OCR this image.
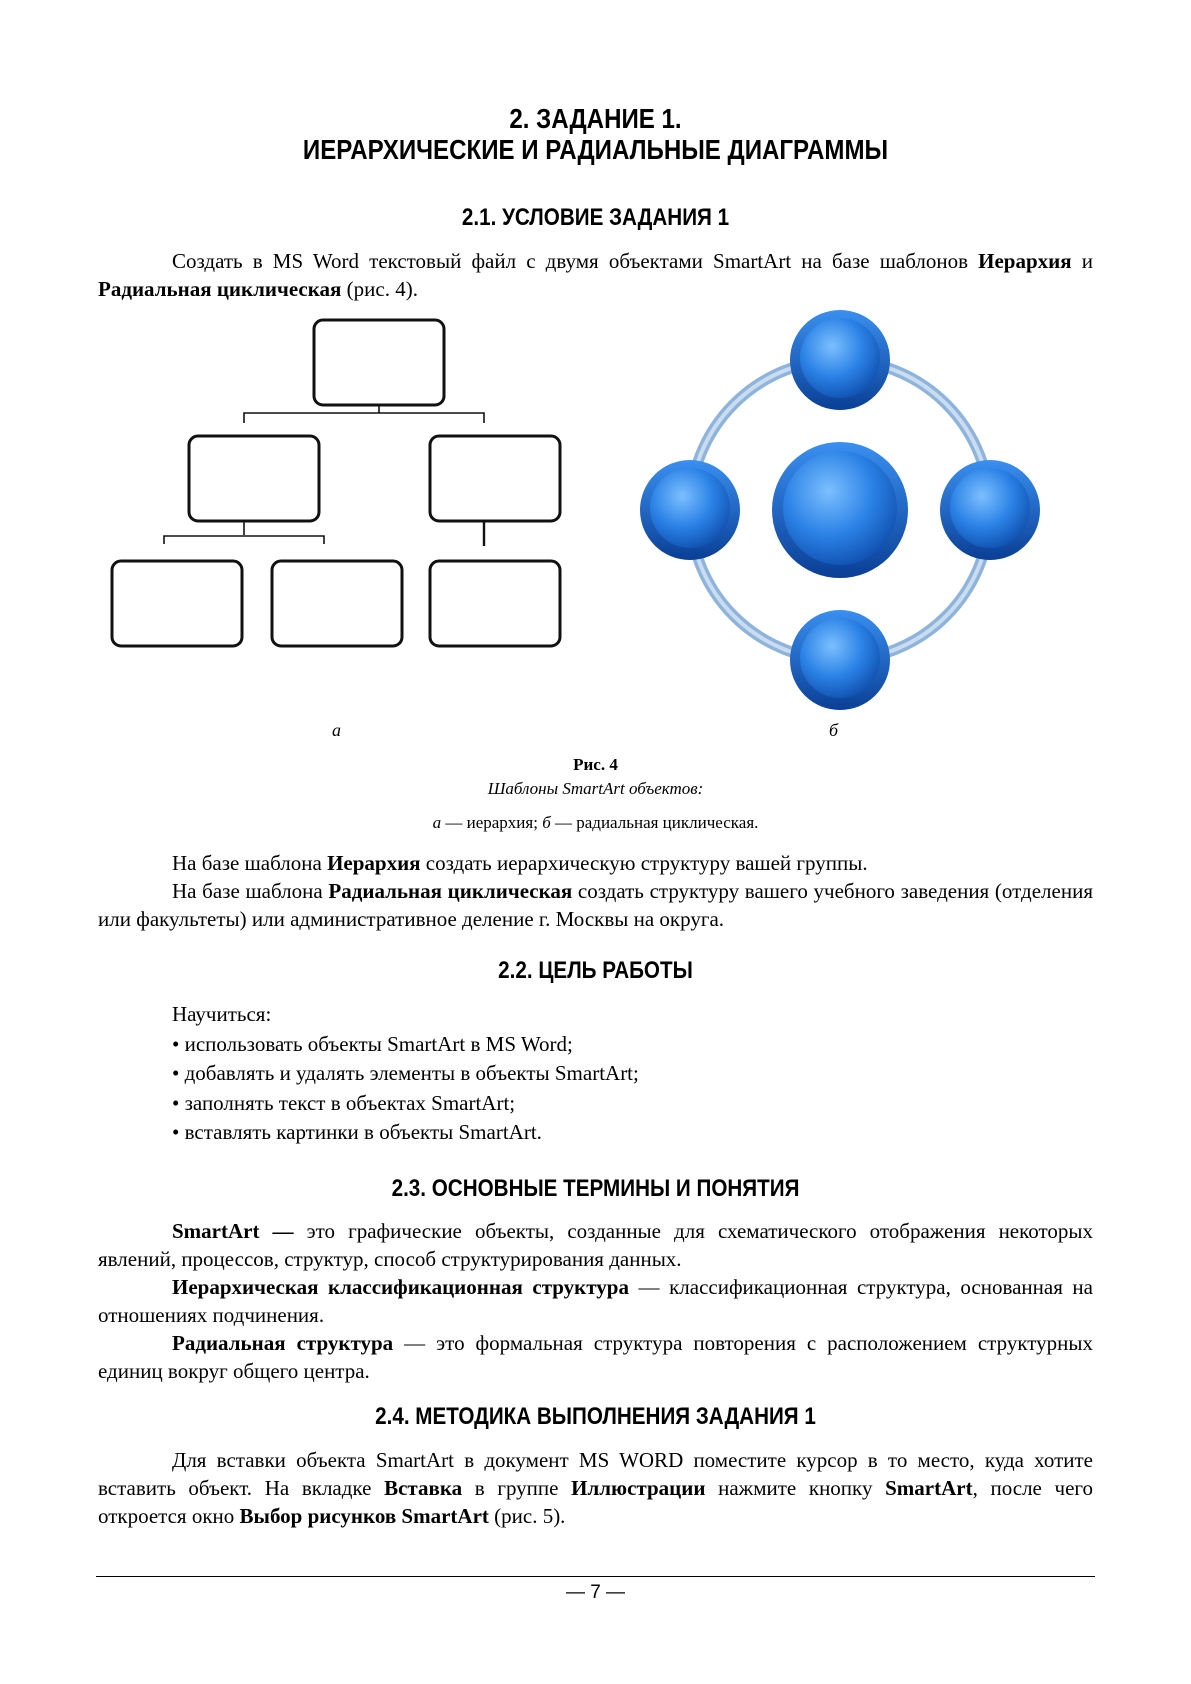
2. ЗАДАНИЕ 1.
ИЕРАРХИЧЕСКИЕ И РАДИАЛЬНЫЕ ДИАГРАММЫ
2.1. УСЛОВИЕ ЗАДАНИЯ 1

Создать в MS Word текстовый файл с двумя объектами SmartArt на базе шаблонов Иерархия и Радиальная циклическая (рис. 4).

а	б
Рис. 4
Шаблоны SmartArt объектов:
а — иерархия; б — радиальная циклическая.

На базе шаблона Иерархия создать иерархическую структуру вашей группы.

На базе шаблона Радиальная циклическая создать структуру вашего учебного заведения (отделения или факультеты) или административное деление г. Москвы на округа.

2.2. ЦЕЛЬ РАБОТЫ
Научиться:
• использовать объекты SmartArt в MS Word;
• добавлять и удалять элементы в объекты SmartArt;
• заполнять текст в объектах SmartArt;
• вставлять картинки в объекты SmartArt.
2.3. ОСНОВНЫЕ ТЕРМИНЫ И ПОНЯТИЯ

SmartArt — это графические объекты, созданные для схематического отображения некоторых явлений, процессов, структур, способ структурирования данных.

Иерархическая классификационная структура — классификационная структура, основанная на отношениях подчинения.

Радиальная структура — это формальная структура повторения с расположением структурных единиц вокруг общего центра.

2.4. МЕТОДИКА ВЫПОЛНЕНИЯ ЗАДАНИЯ 1

Для вставки объекта SmartArt в документ MS WORD поместите курсор в то место, куда хотите вставить объект. На вкладке Вставка в группе Иллюстрации нажмите кнопку SmartArt, после чего откроется окно Выбор рисунков SmartArt (рис. 5).

— 7 —
